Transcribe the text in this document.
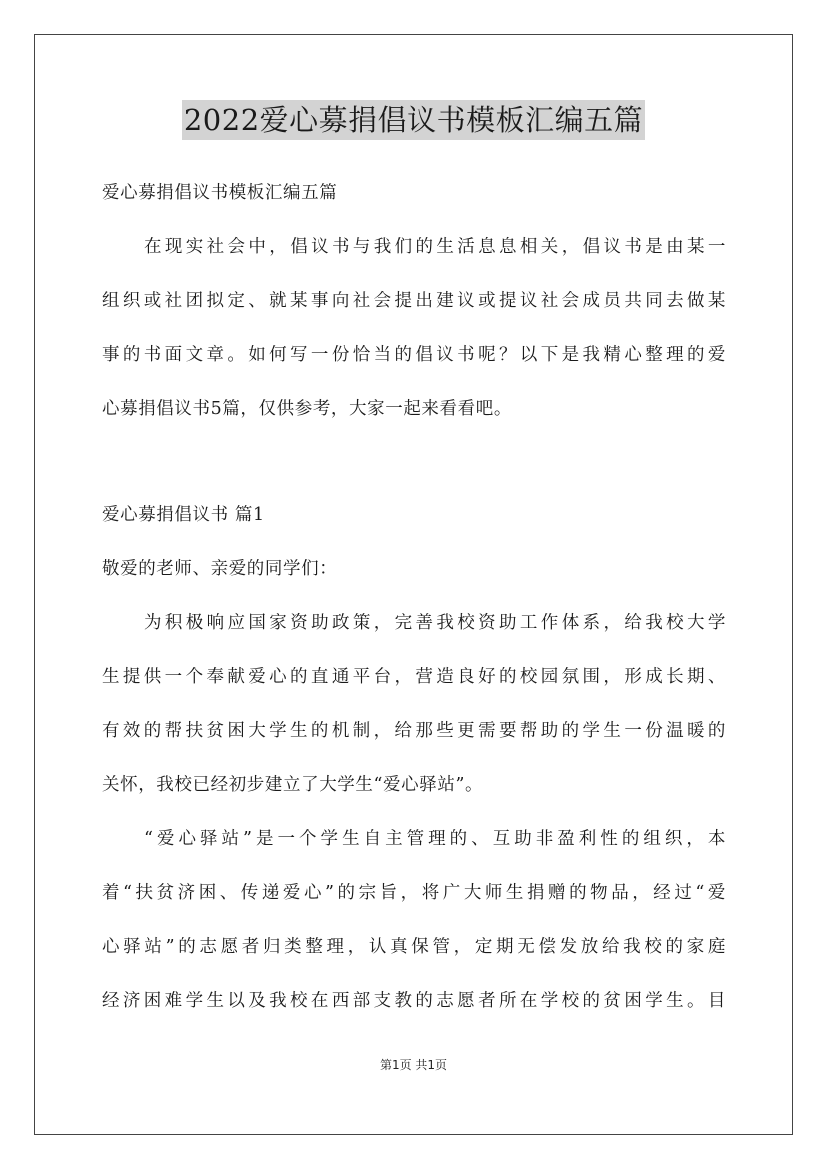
2022爱心募捐倡议书模板汇编五篇
爱心募捐倡议书模板汇编五篇
在现实社会中，倡议书与我们的生活息息相关，倡议书是由某一
组织或社团拟定、就某事向社会提出建议或提议社会成员共同去做某
事的书面文章。如何写一份恰当的倡议书呢？以下是我精心整理的爱
心募捐倡议书5篇，仅供参考，大家一起来看看吧。
爱心募捐倡议书 篇1
敬爱的老师、亲爱的同学们：
为积极响应国家资助政策，完善我校资助工作体系，给我校大学
生提供一个奉献爱心的直通平台，营造良好的校园氛围，形成长期、
有效的帮扶贫困大学生的机制，给那些更需要帮助的学生一份温暖的
关怀，我校已经初步建立了大学生“爱心驿站”。
“爱心驿站”是一个学生自主管理的、互助非盈利性的组织，本
着“扶贫济困、传递爱心”的宗旨，将广大师生捐赠的物品，经过“爱
心驿站”的志愿者归类整理，认真保管，定期无偿发放给我校的家庭
经济困难学生以及我校在西部支教的志愿者所在学校的贫困学生。目
第1页 共1页
